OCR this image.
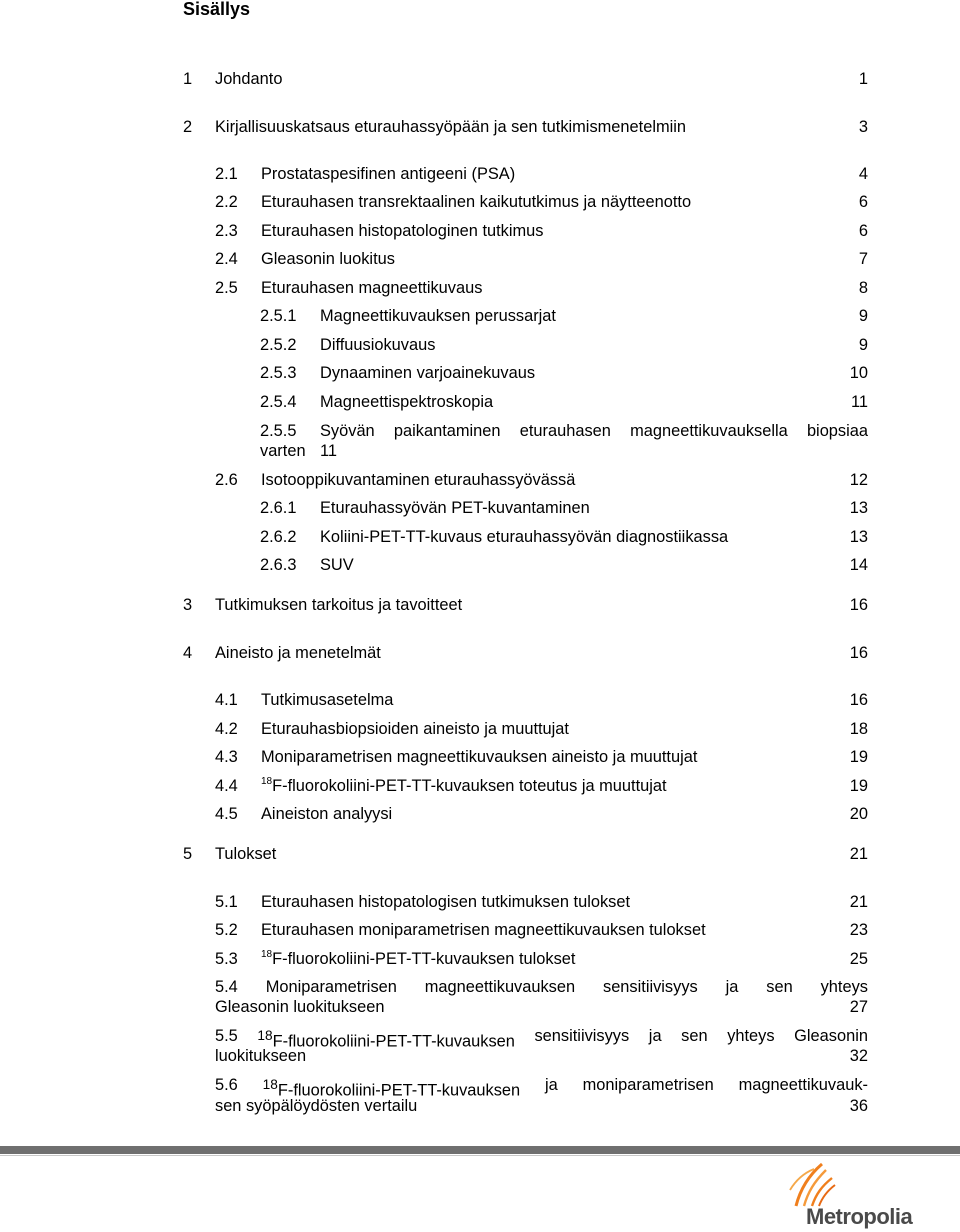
Sisällys
1 Johdanto	1
2 Kirjallisuuskatsaus eturauhassyöpään ja sen tutkimismenetelmiin	3
2.1 Prostataspesifinen antigeeni (PSA)	4
2.2 Eturauhasen transrektaalinen kaikututkimus ja näytteenotto	6
2.3 Eturauhasen histopatologinen tutkimus	6
2.4 Gleasonin luokitus	7
2.5 Eturauhasen magneettikuvaus	8
2.5.1 Magneettikuvauksen perussarjat	9
2.5.2 Diffuusiokuvaus	9
2.5.3 Dynaaminen varjoainekuvaus	10
2.5.4 Magneettispektroskopia	11
2.5.5 Syövän paikantaminen eturauhasen magneettikuvauksella biopsiaa
varten 11
2.6 Isotooppikuvantaminen eturauhassyövässä	12
2.6.1 Eturauhassyövän PET-kuvantaminen	13
2.6.2 Koliini-PET-TT-kuvaus eturauhassyövän diagnostiikassa	13
2.6.3 SUV	14
3 Tutkimuksen tarkoitus ja tavoitteet	16
4 Aineisto ja menetelmät	16
4.1 Tutkimusasetelma	16
4.2 Eturauhasbiopsioiden aineisto ja muuttujat	18
4.3 Moniparametrisen magneettikuvauksen aineisto ja muuttujat	19
4.4 $^{18}$F-fluorokoliini-PET-TT-kuvauksen toteutus ja muuttujat	19
4.5 Aineiston analyysi	20
5 Tulokset	21
5.1 Eturauhasen histopatologisen tutkimuksen tulokset	21
5.2 Eturauhasen moniparametrisen magneettikuvauksen tulokset	23
5.3 $^{18}$F-fluorokoliini-PET-TT-kuvauksen tulokset	25
5.4 Moniparametrisen magneettikuvauksen sensitiivisyys ja sen yhteys
Gleasonin luokitukseen	27
5.5 $^{18}$F-fluorokoliini-PET-TT-kuvauksen sensitiivisyys ja sen yhteys Gleasonin
luokitukseen	32
5.6 $^{18}$F-fluorokoliini-PET-TT-kuvauksen ja moniparametrisen magneettikuvauk-
sen syöpälöydösten vertailu	36
Metropolia
